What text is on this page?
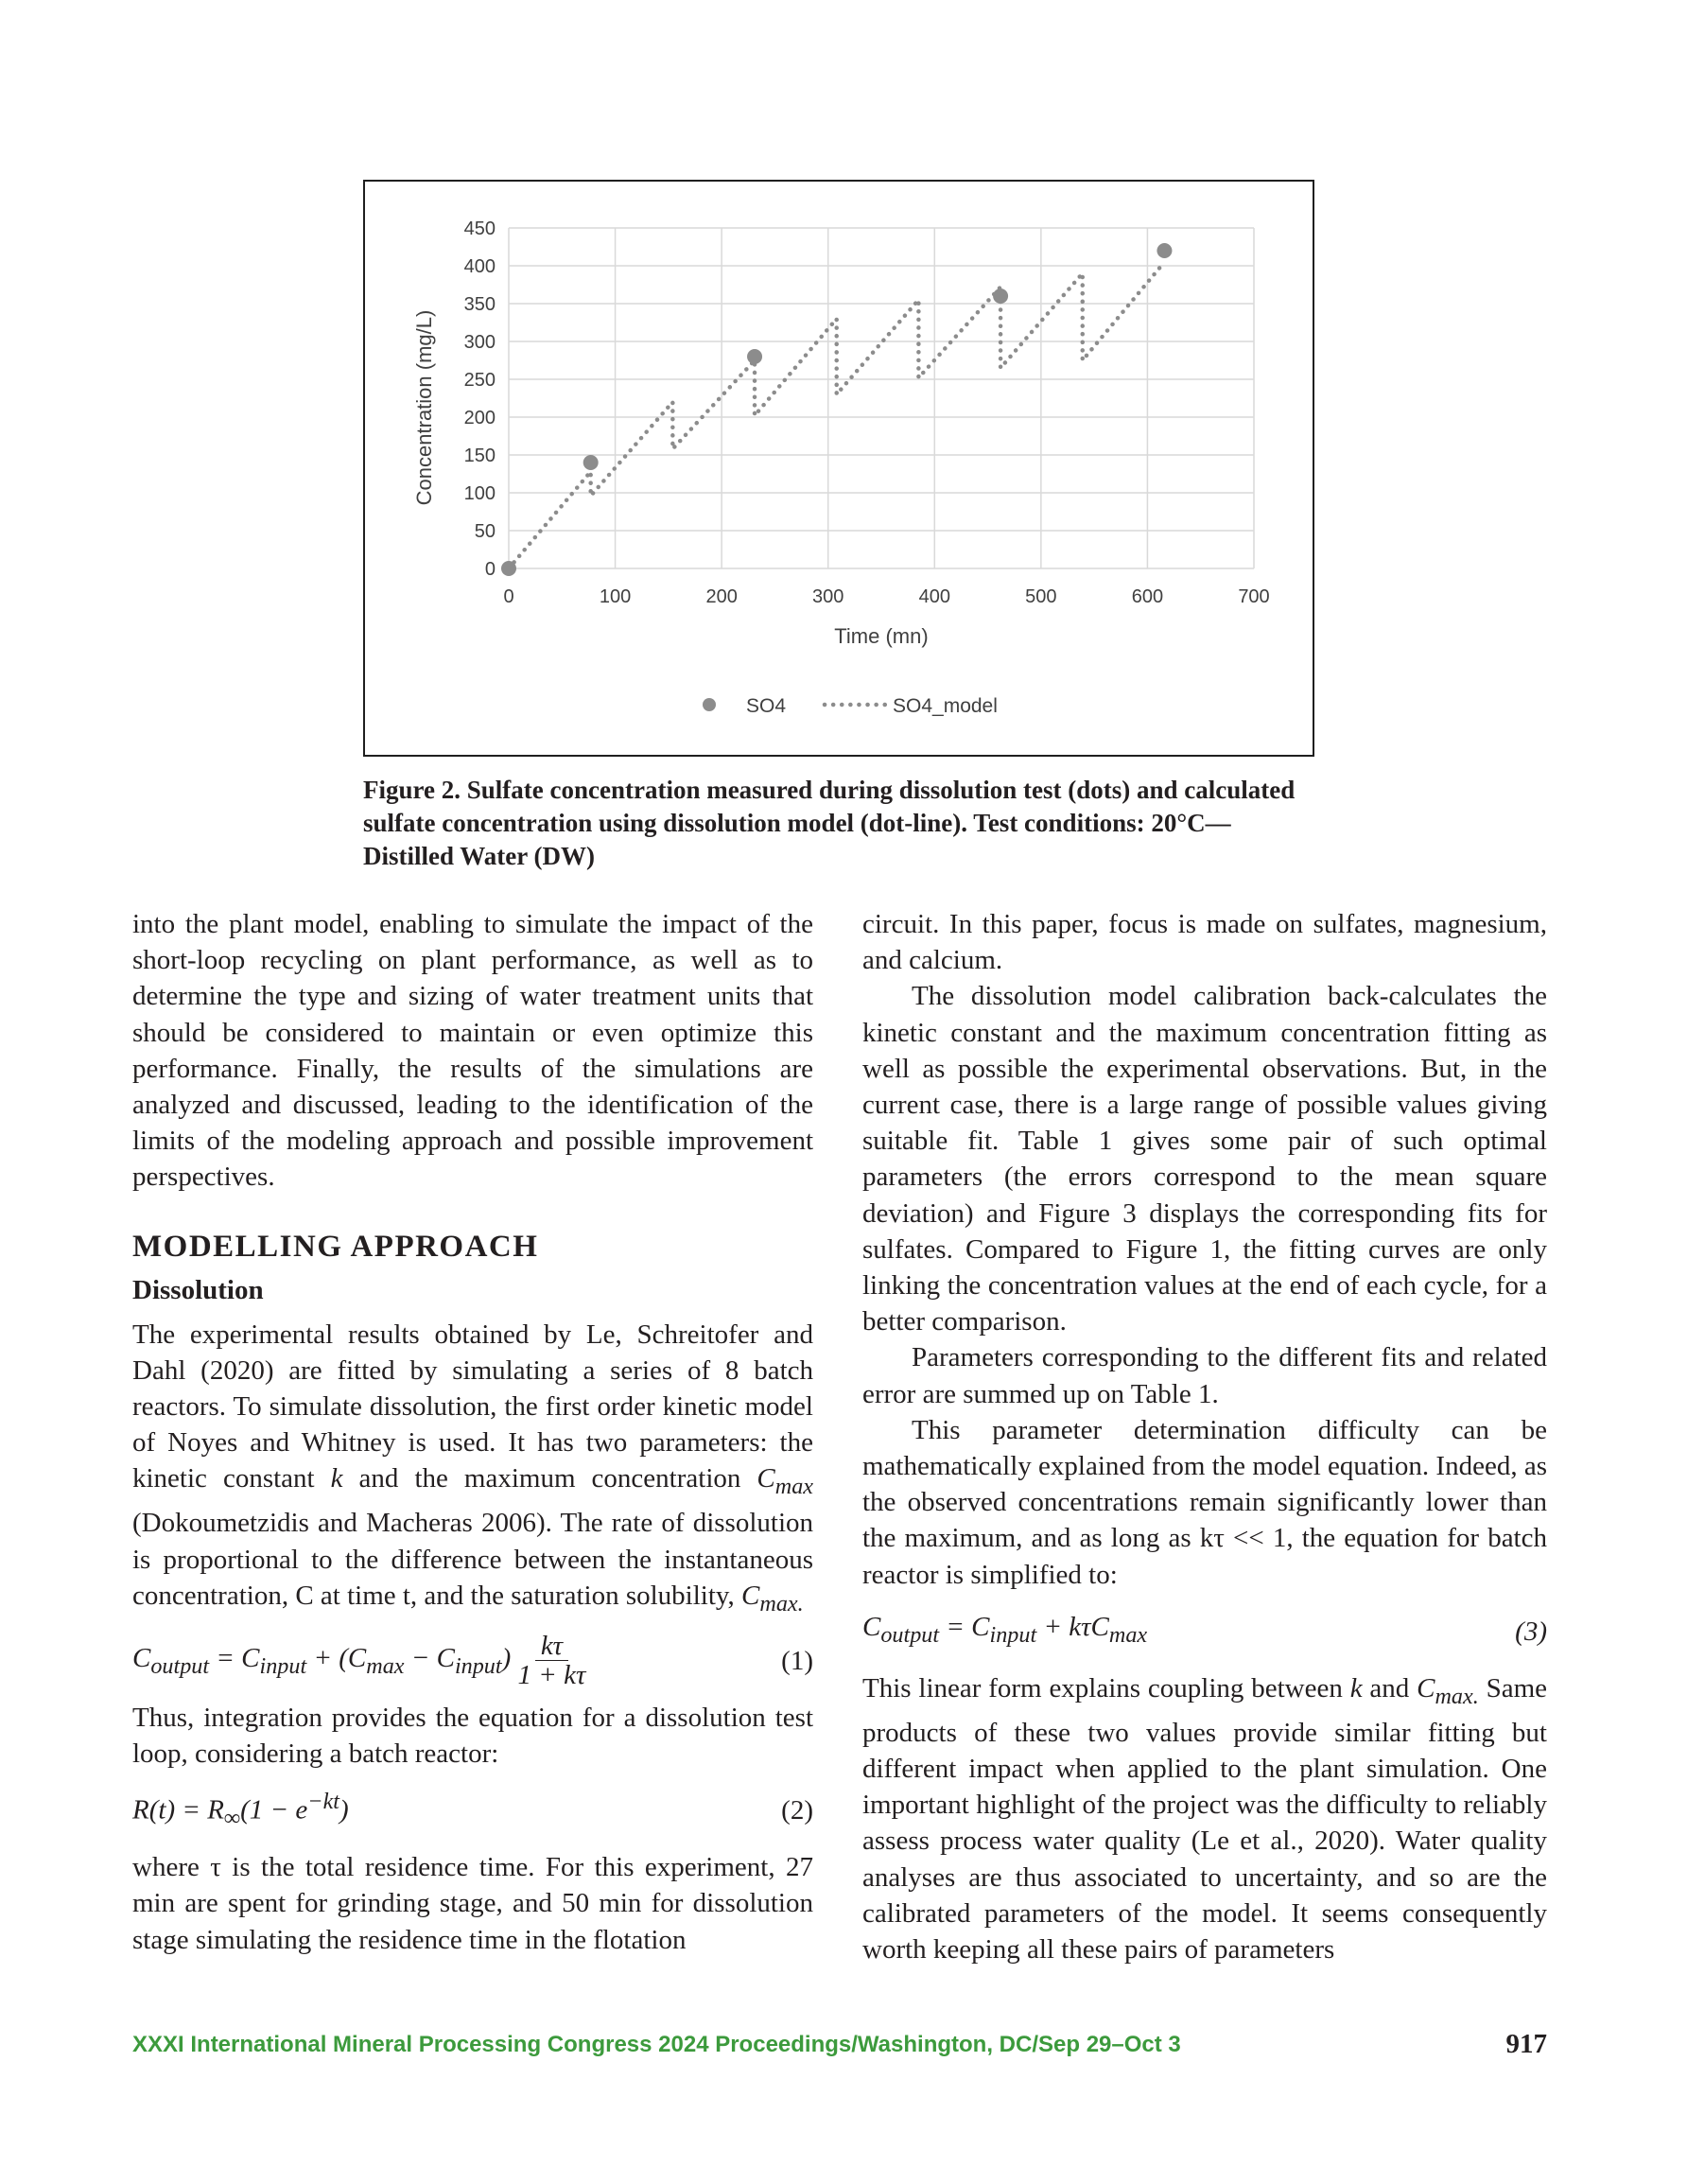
0
50
100
150
200
250
300
350
400
450
0	100	200	300	400	500	600	700
Time (mn)
Concentration (mg/L)
SO4	SO4_model
Figure 2. Sulfate concentration measured during dissolution test (dots) and calculated sulfate concentration using dissolution model (dot-line). Test conditions: 20°C—Distilled Water (DW)

into the plant model, enabling to simulate the impact of the short-loop recycling on plant performance, as well as to determine the type and sizing of water treatment units that should be considered to maintain or even optimize this performance. Finally, the results of the simulations are analyzed and discussed, leading to the identification of the limits of the modeling approach and possible improvement perspectives.

MODELLING APPROACH
Dissolution

The experimental results obtained by Le, Schreitofer and Dahl (2020) are fitted by simulating a series of 8 batch reactors. To simulate dissolution, the first order kinetic model of Noyes and Whitney is used. It has two parameters: the kinetic constant k and the maximum concentration $C_{max}$ (Dokoumetzidis and Macheras 2006). The rate of dissolution is proportional to the difference between the instantaneous concentration, C at time t, and the saturation solubility, $C_{max.}$

$C_{output} = C_{input} + (C_{max} - C_{input}) \frac{k\tau}{1 + k\tau}$	(1)

Thus, integration provides the equation for a dissolution test loop, considering a batch reactor:

$R(t) = R_\infty(1 - e^{-kt})$	(2)

where τ is the total residence time. For this experiment, 27 min are spent for grinding stage, and 50 min for dissolution stage simulating the residence time in the flotation

circuit. In this paper, focus is made on sulfates, magnesium, and calcium.

The dissolution model calibration back-calculates the kinetic constant and the maximum concentration fitting as well as possible the experimental observations. But, in the current case, there is a large range of possible values giving suitable fit. Table 1 gives some pair of such optimal parameters (the errors correspond to the mean square deviation) and Figure 3 displays the corresponding fits for sulfates. Compared to Figure 1, the fitting curves are only linking the concentration values at the end of each cycle, for a better comparison.

Parameters corresponding to the different fits and related error are summed up on Table 1.

This parameter determination difficulty can be mathematically explained from the model equation. Indeed, as the observed concentrations remain significantly lower than the maximum, and as long as kτ << 1, the equation for batch reactor is simplified to:

$C_{output} = C_{input} + k\tau C_{max}$	(3)

This linear form explains coupling between k and $C_{max.}$ Same products of these two values provide similar fitting but different impact when applied to the plant simulation. One important highlight of the project was the difficulty to reliably assess process water quality (Le et al., 2020). Water quality analyses are thus associated to uncertainty, and so are the calibrated parameters of the model. It seems consequently worth keeping all these pairs of parameters

XXXI International Mineral Processing Congress 2024 Proceedings/Washington, DC/Sep 29–Oct 3	917
